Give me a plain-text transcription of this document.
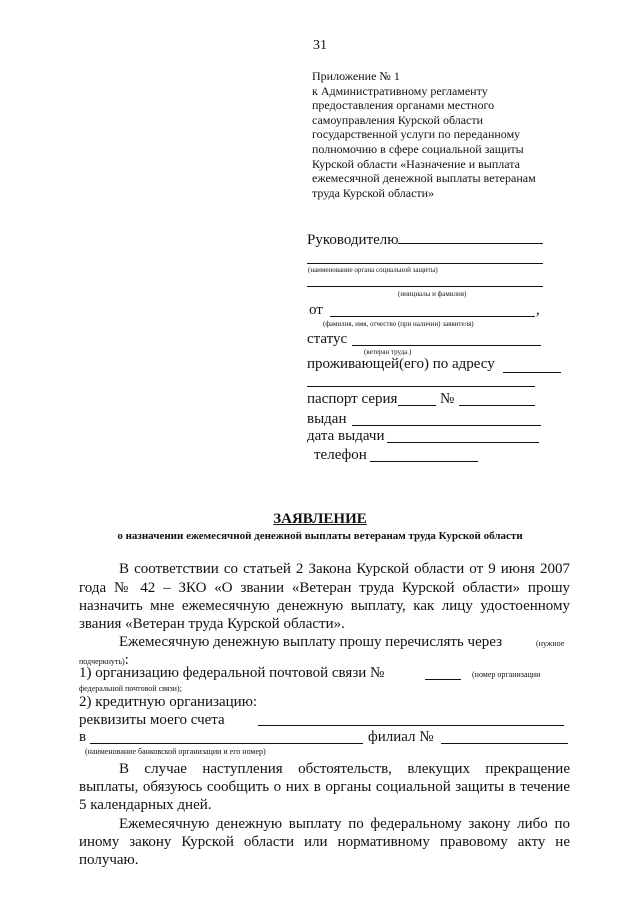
31
Приложение № 1
к Административному регламенту
предоставления органами местного
самоуправления Курской области
государственной услуги по переданному
полномочию в сфере социальной защиты
Курской области «Назначение и выплата
ежемесячной денежной выплаты ветеранам
труда Курской области»
Руководителю
(наименование органа социальной защиты)
(инициалы и фамилия)
от	,
(фамилия, имя, отчество (при наличии) заявителя)
статус
(ветеран труда.)
проживающей(его) по адресу
паспорт серия	№
выдан
дата выдачи
телефон
ЗАЯВЛЕНИЕ
о назначении ежемесячной денежной выплаты ветеранам труда Курской области
В соответствии со статьей 2 Закона Курской области от 9 июня 2007
года № 42 – ЗКО «О звании «Ветеран труда Курской области» прошу
назначить мне ежемесячную денежную выплату, как лицу удостоенному
звания «Ветеран труда Курской области».
Ежемесячную денежную выплату прошу перечислять через	(нужное
подчеркнуть):
1) организацию федеральной почтовой связи №	(номер организации
федеральной почтовой связи);
2) кредитную организацию:
реквизиты моего счета
в	филиал №
(наименование банковской организации и его номер)
В случае наступления обстоятельств, влекущих прекращение
выплаты, обязуюсь сообщить о них в органы социальной защиты в течение
5 календарных дней.
Ежемесячную денежную выплату по федеральному закону либо по
иному закону Курской области или нормативному правовому акту не
получаю.
